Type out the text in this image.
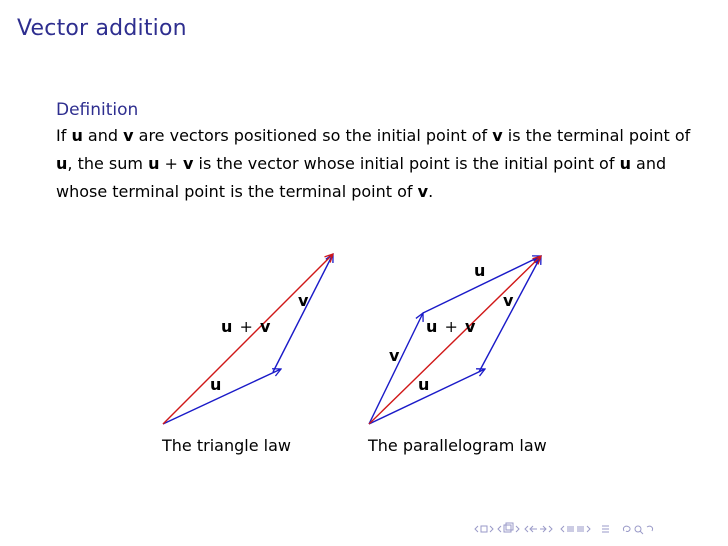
Vector addition
Definition
If u and v are vectors positioned so the initial point of v is the terminal point of u, the sum u + v is the vector whose initial point is the initial point of u and whose terminal point is the terminal point of v.
u
v
u + v
u
v
v
u
u + v
The triangle law	The parallelogram law
